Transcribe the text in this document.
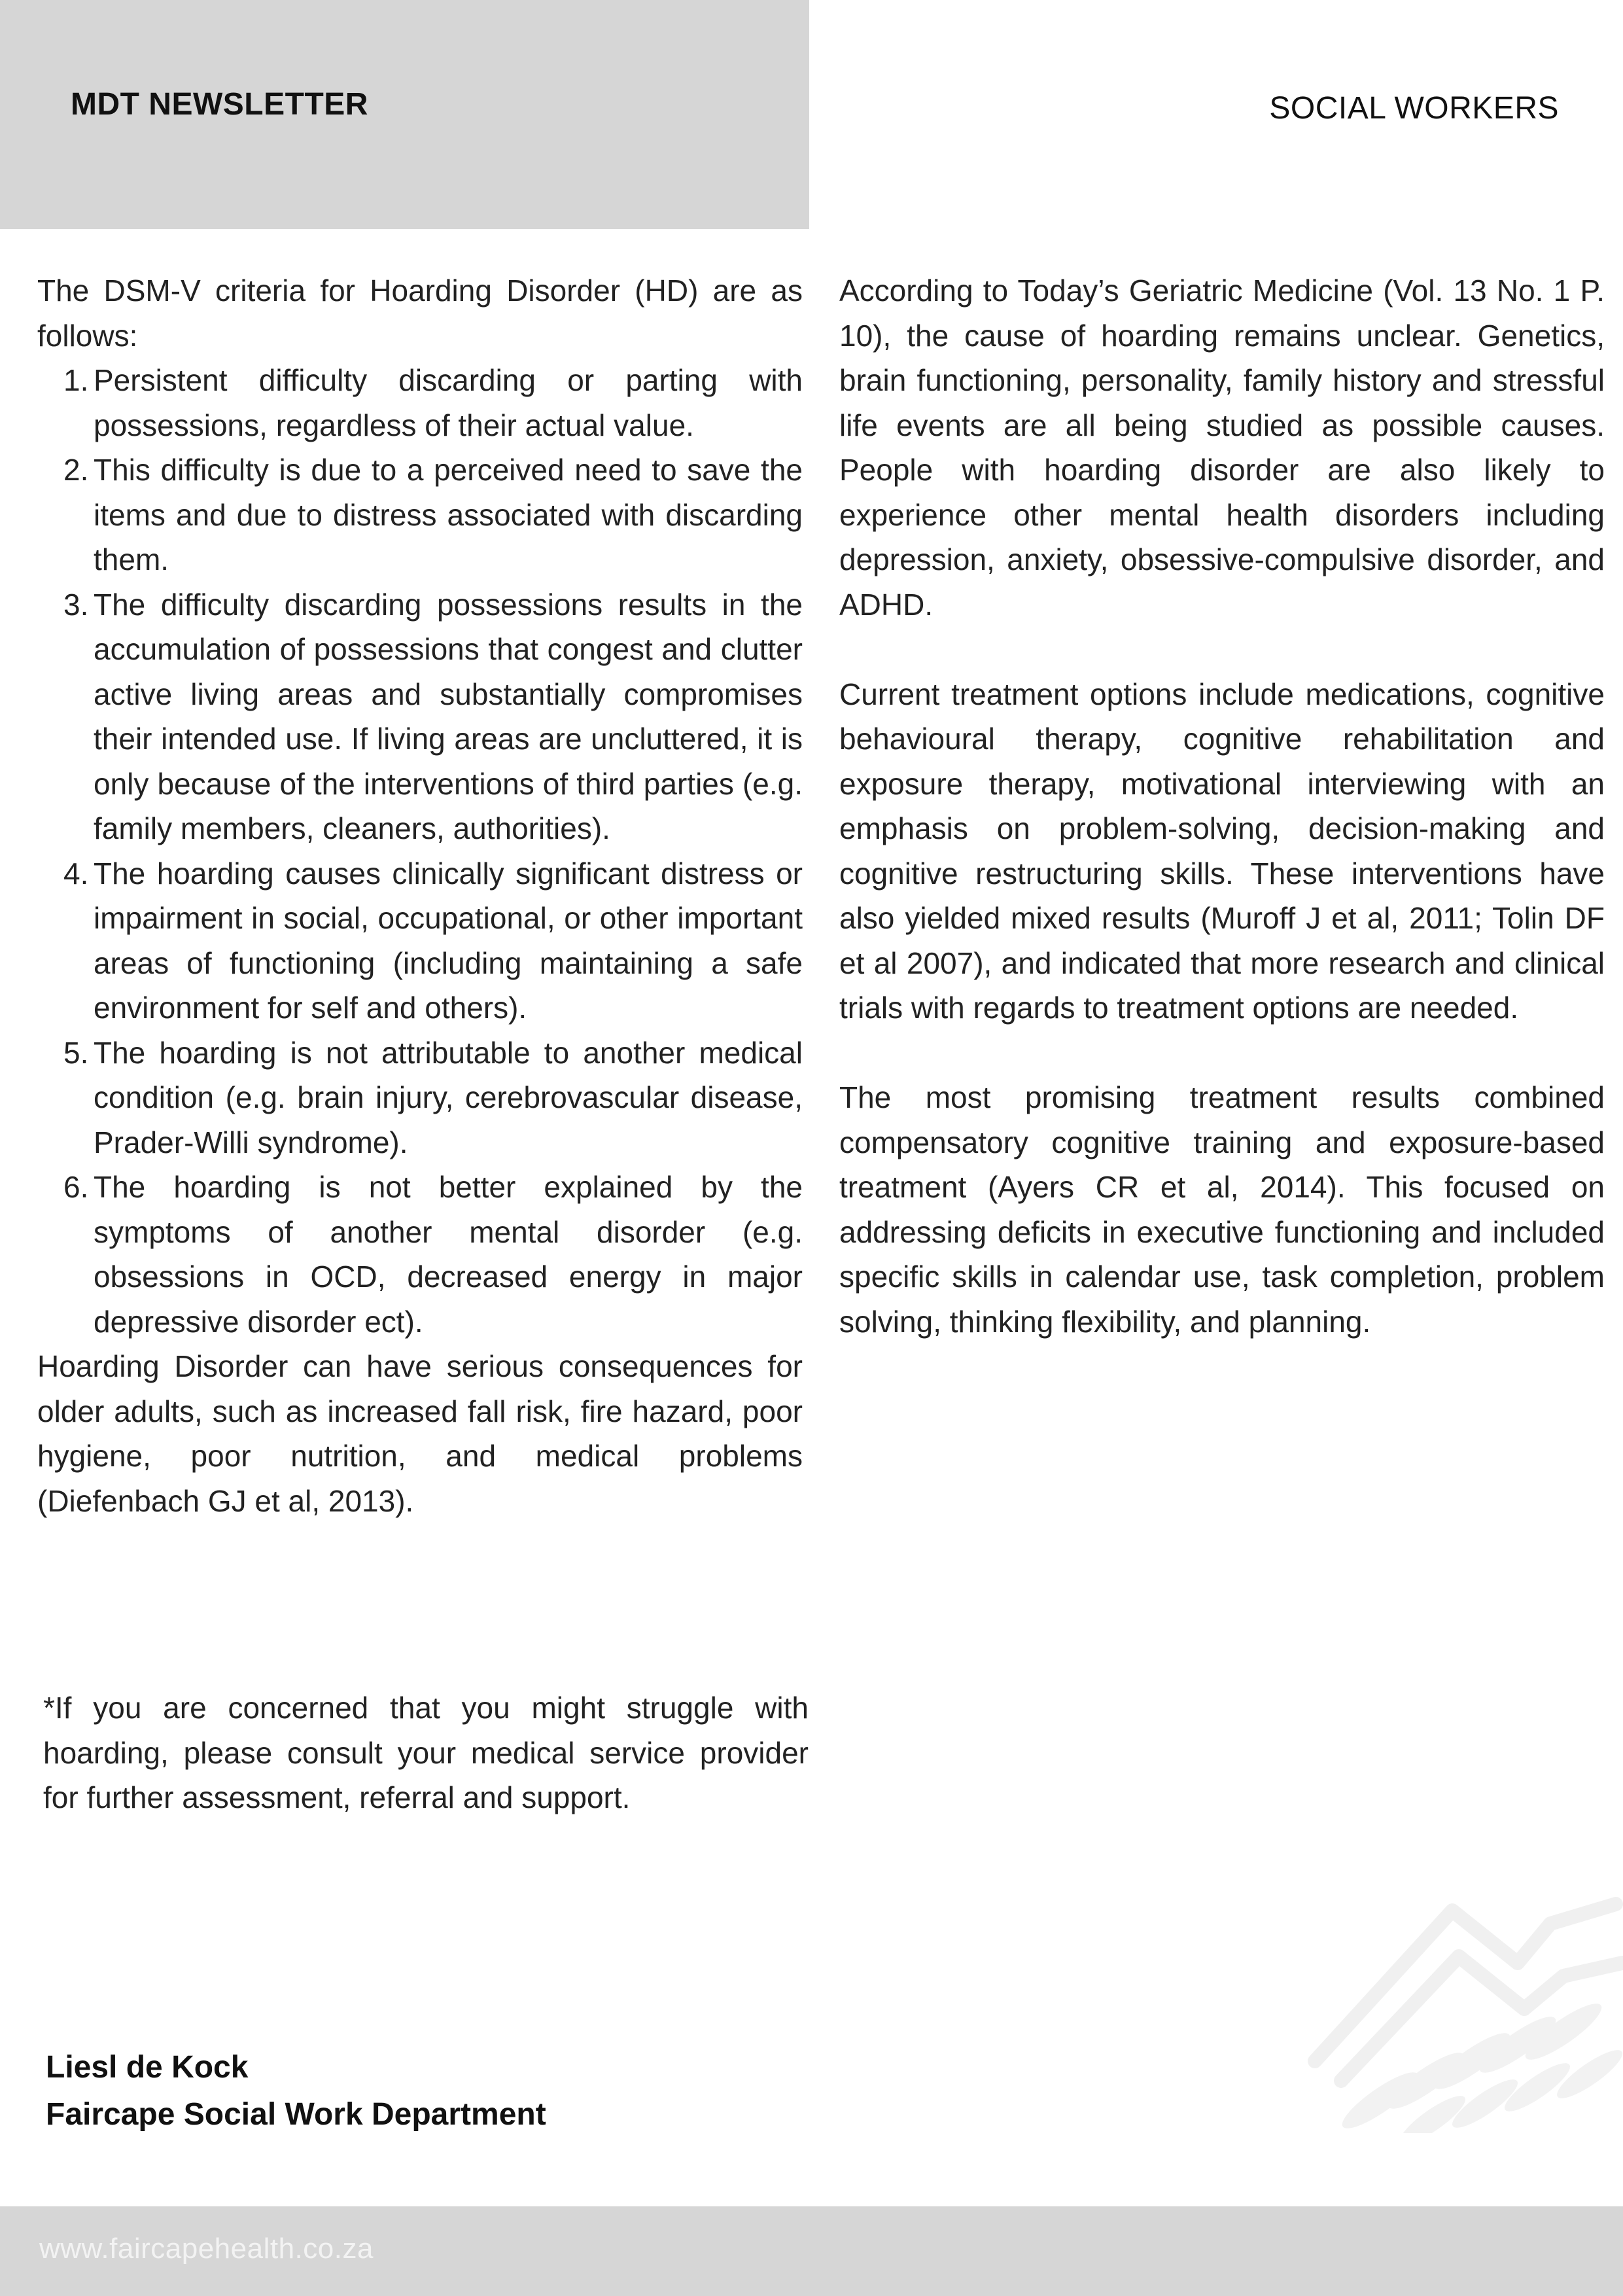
MDT NEWSLETTER	SOCIAL WORKERS

The DSM-V criteria for Hoarding Disorder (HD) are as follows:

1. Persistent difficulty discarding or parting with possessions, regardless of their actual value.
2. This difficulty is due to a perceived need to save the items and due to distress associated with discarding them.
3. The difficulty discarding possessions results in the accumulation of possessions that congest and clutter active living areas and substantially compromises their intended use. If living areas are uncluttered, it is only because of the interventions of third parties (e.g. family members, cleaners, authorities).
4. The hoarding causes clinically significant distress or impairment in social, occupational, or other important areas of functioning (including maintaining a safe environment for self and others).
5. The hoarding is not attributable to another medical condition (e.g. brain injury, cerebrovascular disease, Prader-Willi syndrome).
6. The hoarding is not better explained by the symptoms of another mental disorder (e.g. obsessions in OCD, decreased energy in major depressive disorder ect).

Hoarding Disorder can have serious consequences for older adults, such as increased fall risk, fire hazard, poor hygiene, poor nutrition, and medical problems (Diefenbach GJ et al, 2013).

*If you are concerned that you might struggle with hoarding, please consult your medical service provider for further assessment, referral and support.

According to Today’s Geriatric Medicine (Vol. 13 No. 1 P. 10), the cause of hoarding remains unclear. Genetics, brain functioning, personality, family history and stressful life events are all being studied as possible causes. People with hoarding disorder are also likely to experience other mental health disorders including depression, anxiety, obsessive-compulsive disorder, and ADHD.

Current treatment options include medications, cognitive behavioural therapy, cognitive rehabilitation and exposure therapy, motivational interviewing with an emphasis on problem-solving, decision-making and cognitive restructuring skills. These interventions have also yielded mixed results (Muroff J et al, 2011; Tolin DF et al 2007), and indicated that more research and clinical trials with regards to treatment options are needed.

The most promising treatment results combined compensatory cognitive training and exposure-based treatment (Ayers CR et al, 2014). This focused on addressing deficits in executive functioning and included specific skills in calendar use, task completion, problem solving, thinking flexibility, and planning.

Liesl de Kock
Faircape Social Work Department
www.faircapehealth.co.za
